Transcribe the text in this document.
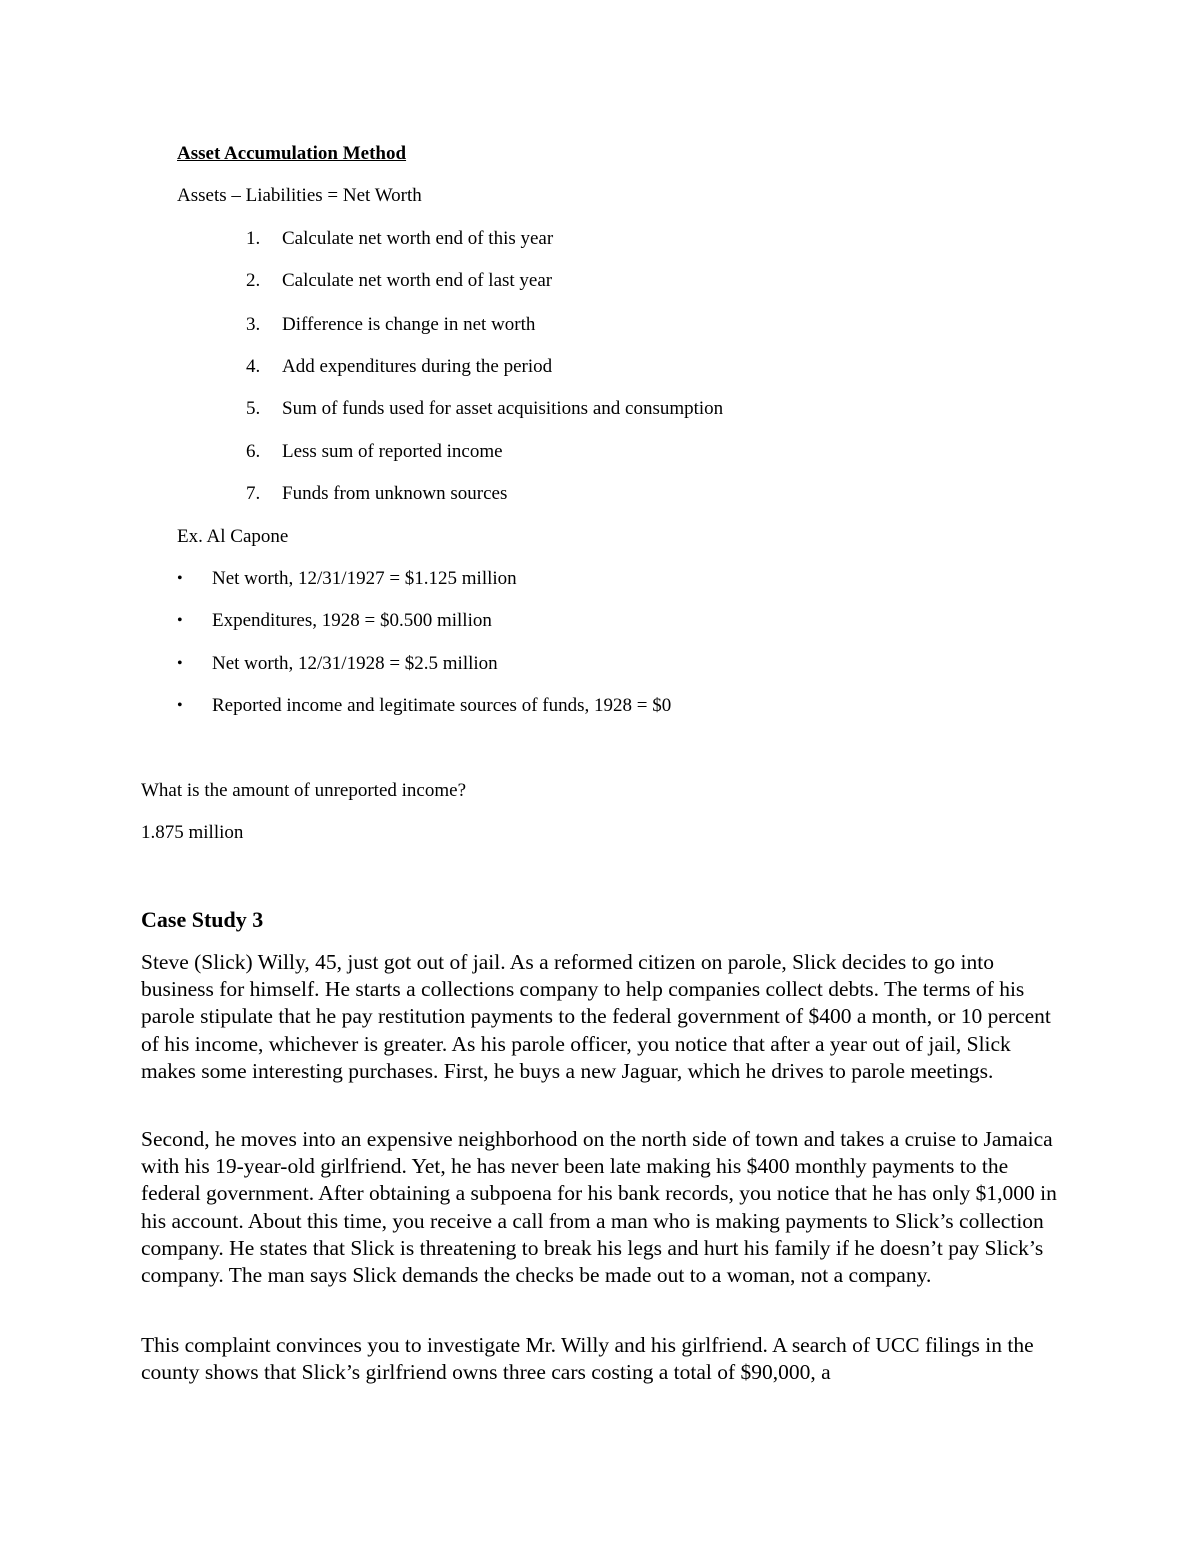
Asset Accumulation Method
Assets – Liabilities = Net Worth
1.	Calculate net worth end of this year
2.	Calculate net worth end of last year
3.	Difference is change in net worth
4.	Add expenditures during the period
5.	Sum of funds used for asset acquisitions and consumption
6.	Less sum of reported income
7.	Funds from unknown sources
Ex. Al Capone
• Net worth, 12/31/1927 = $1.125 million
• Expenditures, 1928 = $0.500 million
• Net worth, 12/31/1928 = $2.5 million
• Reported income and legitimate sources of funds, 1928 = $0
What is the amount of unreported income?
1.875 million
Case Study 3

Steve (Slick) Willy, 45, just got out of jail. As a reformed citizen on parole, Slick decides to go into business for himself. He starts a collections company to help companies collect debts. The terms of his parole stipulate that he pay restitution payments to the federal government of $400 a month, or 10 percent of his income, whichever is greater. As his parole officer, you notice that after a year out of jail, Slick makes some interesting purchases. First, he buys a new Jaguar, which he drives to parole meetings.

Second, he moves into an expensive neighborhood on the north side of town and takes a cruise to Jamaica with his 19-year-old girlfriend. Yet, he has never been late making his $400 monthly payments to the federal government. After obtaining a subpoena for his bank records, you notice that he has only $1,000 in his account. About this time, you receive a call from a man who is making payments to Slick’s collection company. He states that Slick is threatening to break his legs and hurt his family if he doesn’t pay Slick’s company. The man says Slick demands the checks be made out to a woman, not a company.

This complaint convinces you to investigate Mr. Willy and his girlfriend. A search of UCC filings in the county shows that Slick’s girlfriend owns three cars costing a total of $90,000, a
